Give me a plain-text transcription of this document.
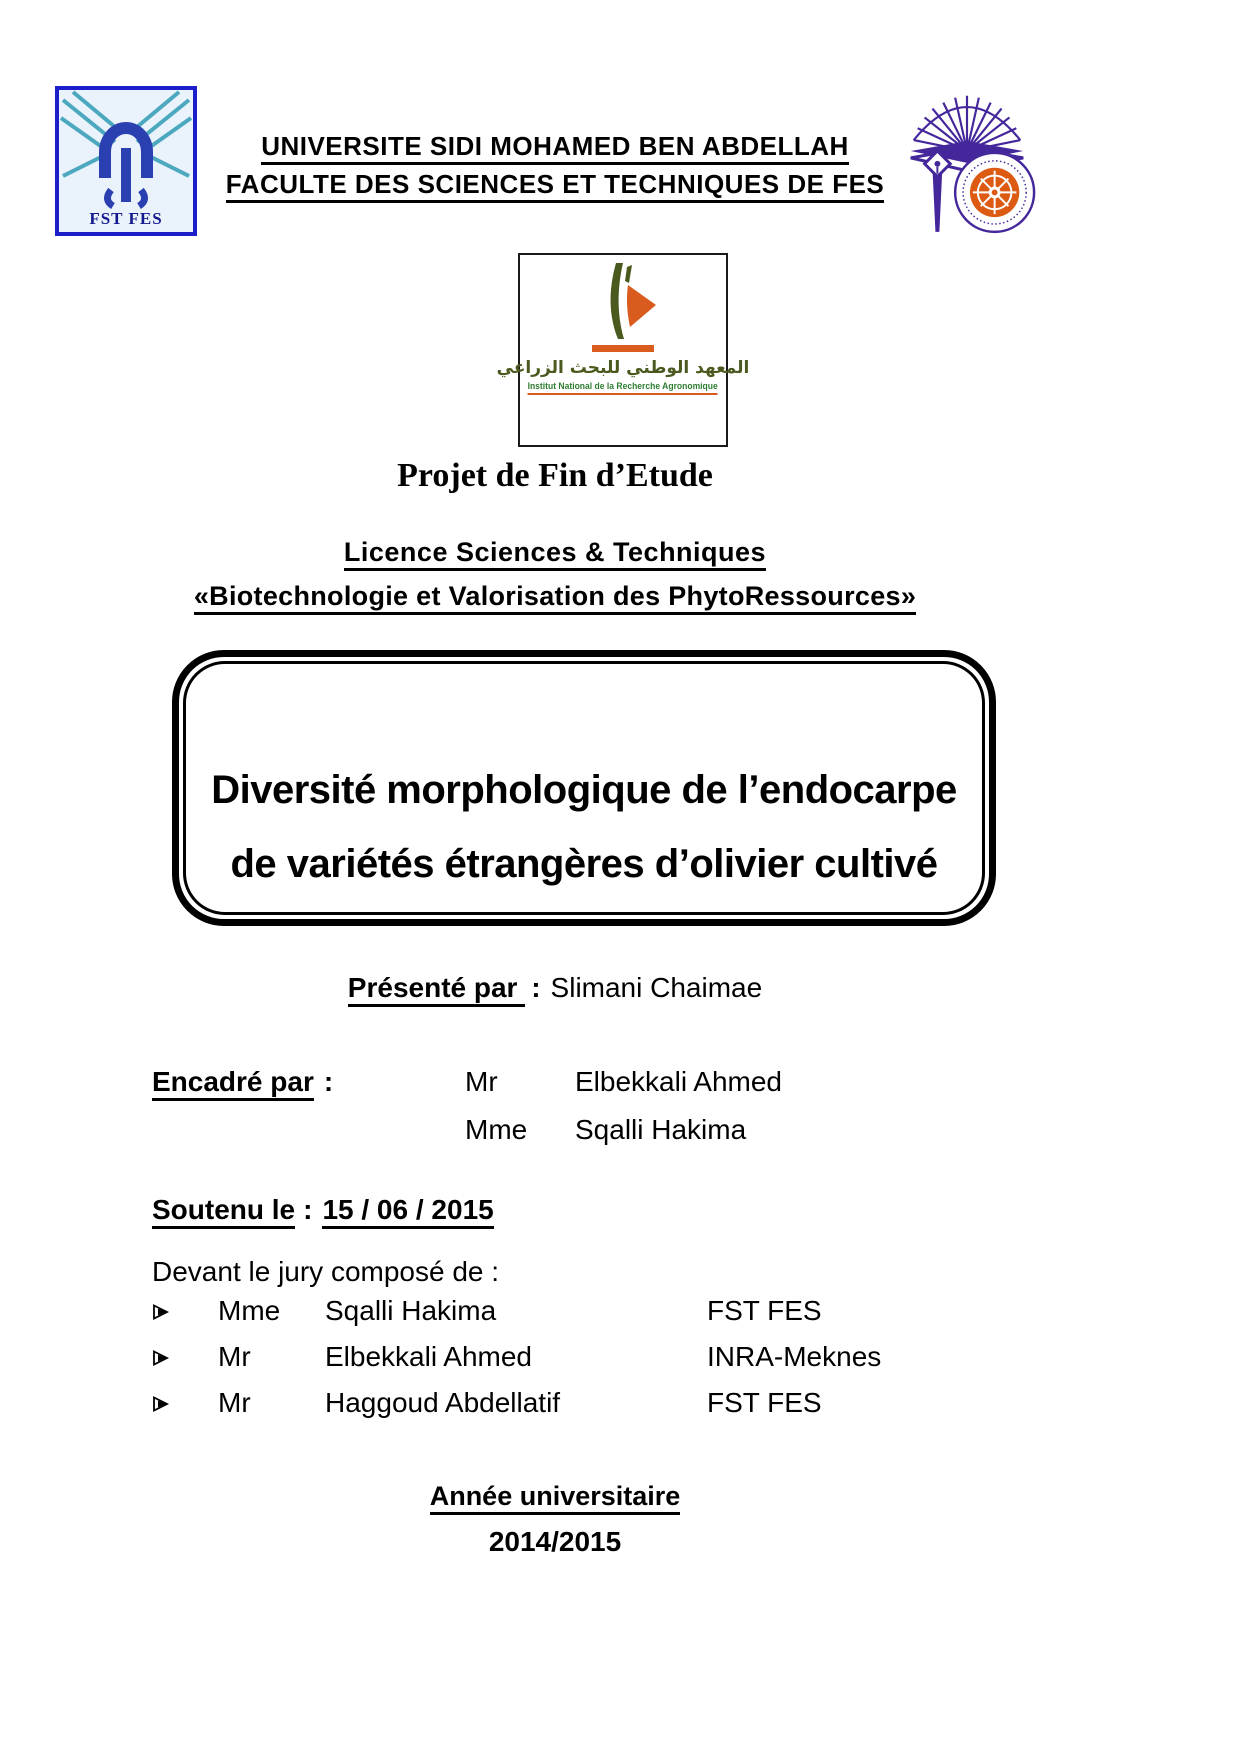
FST FES
UNIVERSITE SIDI MOHAMED BEN ABDELLAH
FACULTE DES SCIENCES ET TECHNIQUES DE FES
المعهد الوطني للبحث الزراعي
Institut National de la Recherche Agronomique
Projet de Fin d’Etude
Licence Sciences & Techniques
«Biotechnologie et Valorisation des PhytoRessources»
Diversité morphologique de l’endocarpe
de variétés étrangères d’olivier cultivé
Présenté par : Slimani Chaimae
Encadré par :	Mr	Elbekkali Ahmed
Mme	Sqalli Hakima
Soutenu le : 15 / 06 / 2015
Devant le jury composé de :
Mme	Sqalli Hakima	FST FES
Mr	Elbekkali Ahmed	INRA-Meknes
Mr	Haggoud Abdellatif	FST FES
Année universitaire
2014/2015
